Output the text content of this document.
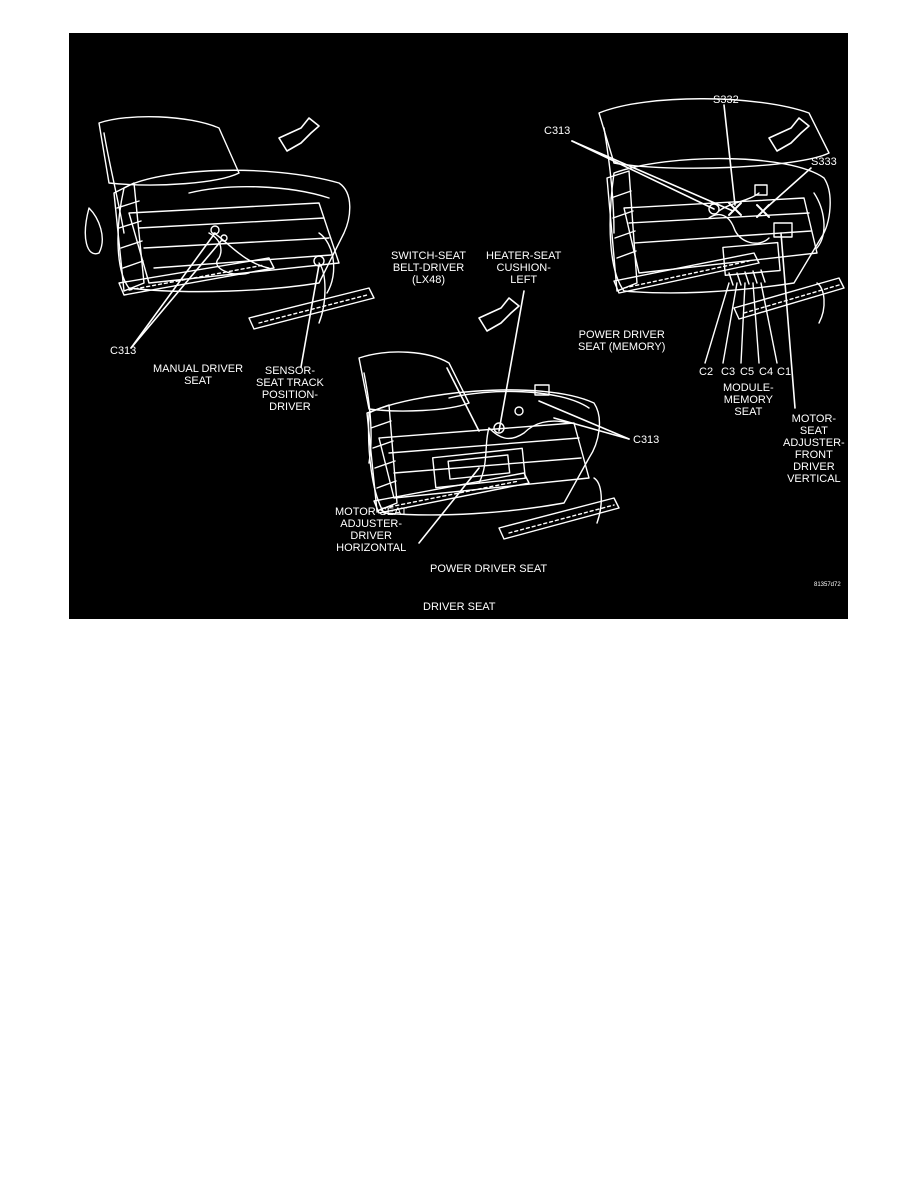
C313
MANUAL DRIVER
SEAT
SENSOR-
SEAT TRACK
POSITION-
DRIVER
SWITCH-SEAT
BELT-DRIVER
(LX48)
HEATER-SEAT
CUSHION-
LEFT
C313
MOTOR-SEAT
ADJUSTER-
DRIVER
HORIZONTAL
POWER DRIVER SEAT
S332
C313
S333
POWER DRIVER
SEAT (MEMORY)
C2 C3 C5 C4 C1
MODULE-
MEMORY
SEAT
MOTOR-
SEAT
ADJUSTER-
FRONT
DRIVER
VERTICAL
81357d72
DRIVER SEAT
